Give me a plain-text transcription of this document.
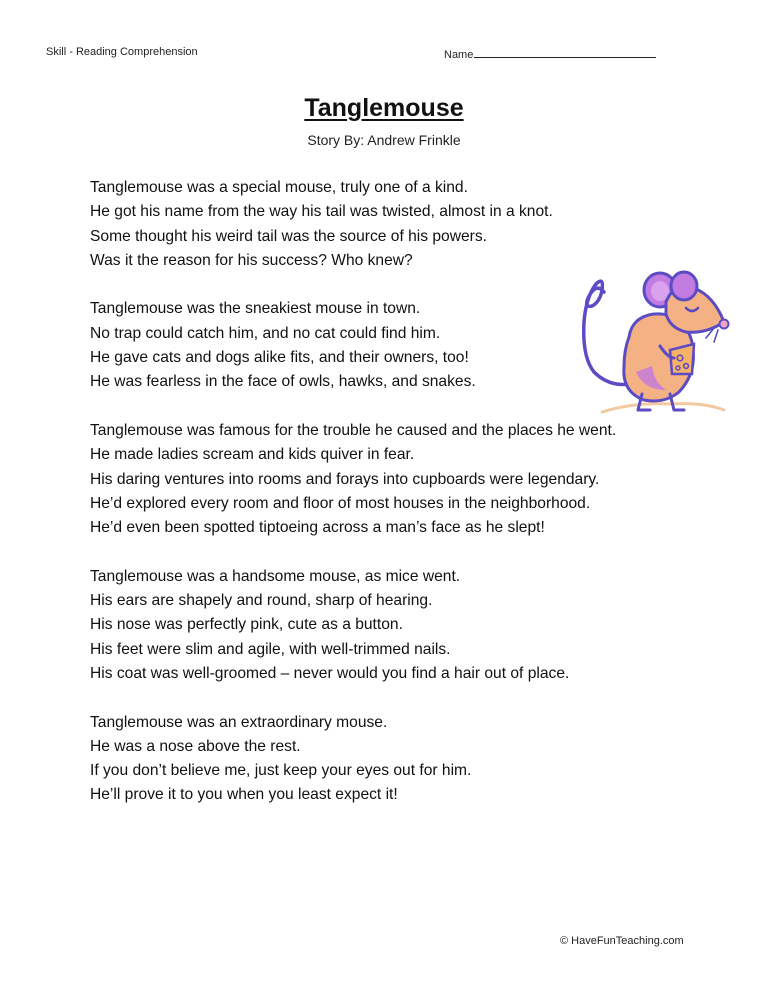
Skill - Reading Comprehension	Name
Tanglemouse
Story By: Andrew Frinkle
Tanglemouse was a special mouse, truly one of a kind.
He got his name from the way his tail was twisted, almost in a knot.
Some thought his weird tail was the source of his powers.
Was it the reason for his success? Who knew?
Tanglemouse was the sneakiest mouse in town.
No trap could catch him, and no cat could find him.
He gave cats and dogs alike fits, and their owners, too!
He was fearless in the face of owls, hawks, and snakes.
Tanglemouse was famous for the trouble he caused and the places he went.
He made ladies scream and kids quiver in fear.
His daring ventures into rooms and forays into cupboards were legendary.
He’d explored every room and floor of most houses in the neighborhood.
He’d even been spotted tiptoeing across a man’s face as he slept!
Tanglemouse was a handsome mouse, as mice went.
His ears are shapely and round, sharp of hearing.
His nose was perfectly pink, cute as a button.
His feet were slim and agile, with well-trimmed nails.
His coat was well-groomed – never would you find a hair out of place.
Tanglemouse was an extraordinary mouse.
He was a nose above the rest.
If you don’t believe me, just keep your eyes out for him.
He’ll prove it to you when you least expect it!
© HaveFunTeaching.com
